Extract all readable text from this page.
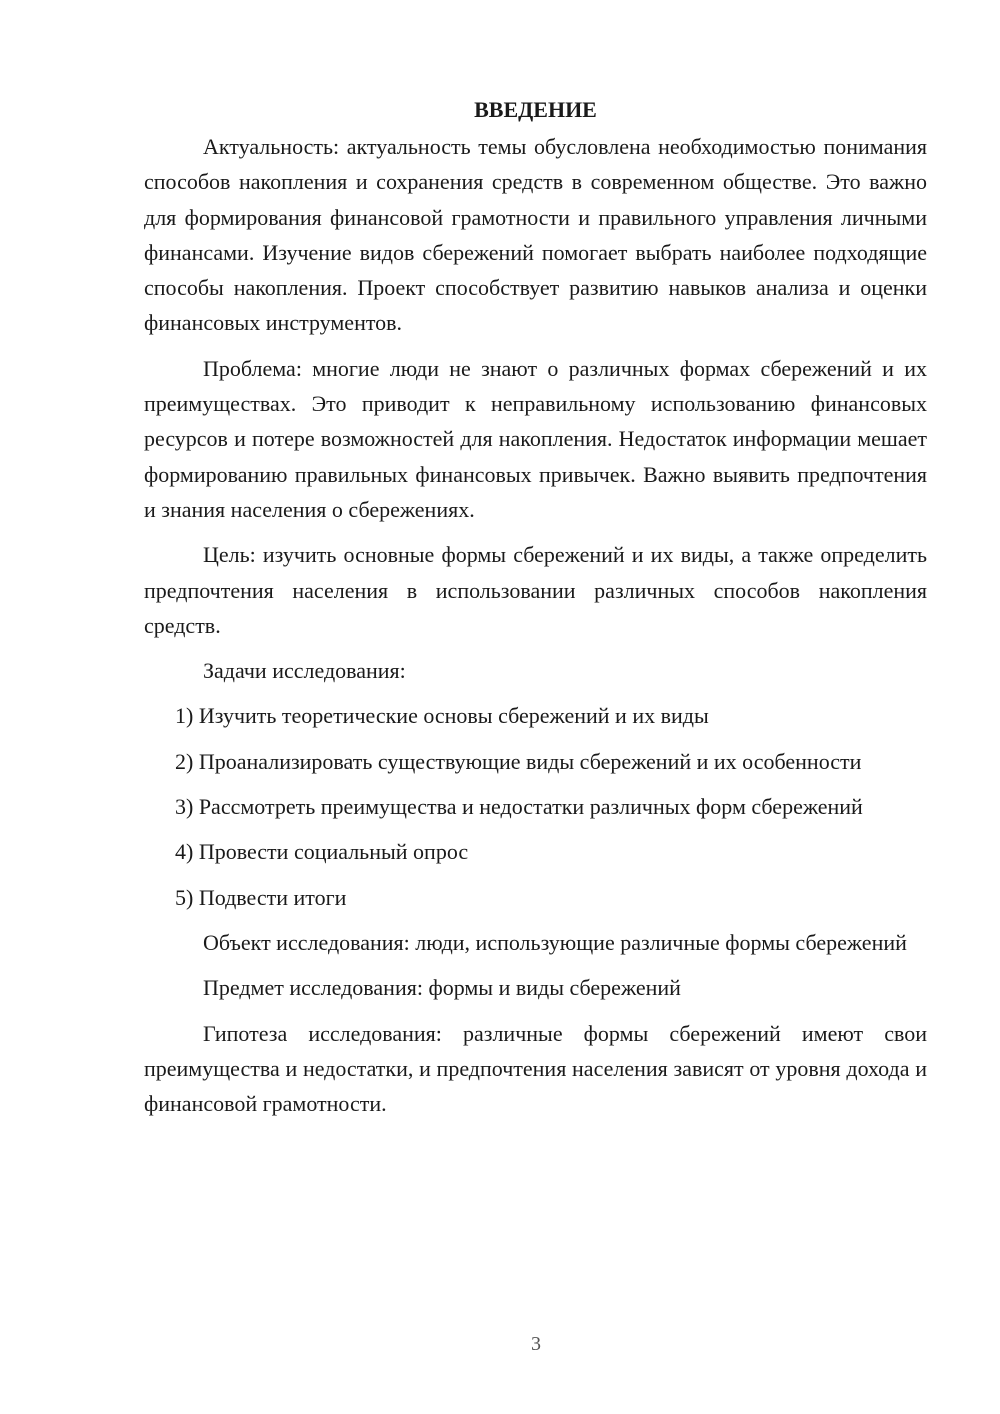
ВВЕДЕНИЕ

Актуальность: актуальность темы обусловлена необходимостью понимания способов накопления и сохранения средств в современном обществе. Это важно для формирования финансовой грамотности и правильного управления личными финансами. Изучение видов сбережений помогает выбрать наиболее подходящие способы накопления. Проект способствует развитию навыков анализа и оценки финансовых инструментов.

Проблема: многие люди не знают о различных формах сбережений и их преимуществах. Это приводит к неправильному использованию финансовых ресурсов и потере возможностей для накопления. Недостаток информации мешает формированию правильных финансовых привычек. Важно выявить предпочтения и знания населения о сбережениях.

Цель: изучить основные формы сбережений и их виды, а также определить предпочтения населения в использовании различных способов накопления средств.

Задачи исследования:

1) Изучить теоретические основы сбережений и их виды

2) Проанализировать существующие виды сбережений и их особенности

3) Рассмотреть преимущества и недостатки различных форм сбережений

4) Провести социальный опрос

5) Подвести итоги

Объект исследования: люди, использующие различные формы сбережений

Предмет исследования: формы и виды сбережений

Гипотеза исследования: различные формы сбережений имеют свои преимущества и недостатки, и предпочтения населения зависят от уровня дохода и финансовой грамотности.

3
